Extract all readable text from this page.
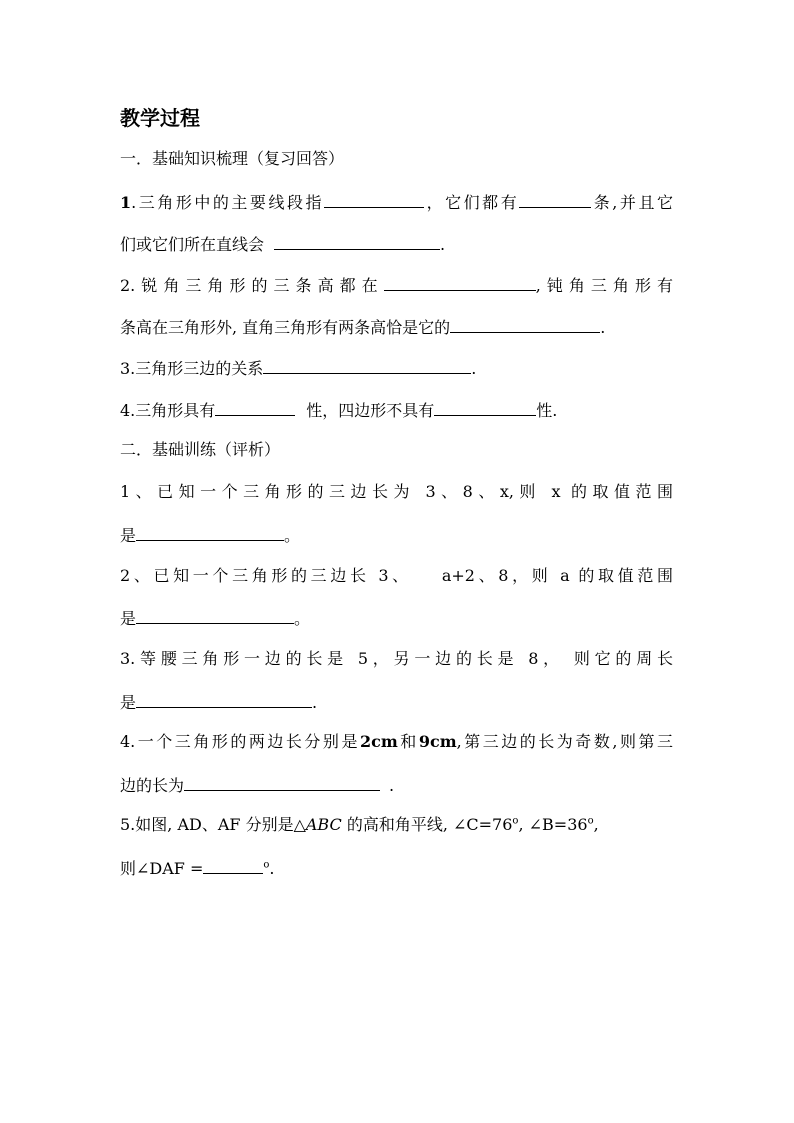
教学过程
一．基础知识梳理（复习回答）
1.三角形中的主要线段指	，它们都有	条,并且它
们或它们所在直线会	.
2.锐角三角形的三条高都在	,钝角三角形有
条高在三角形外, 直角三角形有两条高恰是它的	.
3.三角形三边的关系	.
4.三角形具有	性，四边形不具有	性.
二．基础训练（评析）
1、已知一个三角形的三边长为 3、8、x,则 x 的取值范围
是	。
2、已知一个三角形的三边长 3、 a+2、8，则 a 的取值范围
是	。
3.等腰三角形一边的长是 5，另一边的长是 8， 则它的周长
是	.
4.一个三角形的两边长分别是2cm和9cm,第三边的长为奇数,则第三
边的长为	.
5.如图, AD、AF 分别是△ABC 的高和角平线, $\angle C=76^o$, $\angle B=36^o$,
则∠DAF =	$^o$.
